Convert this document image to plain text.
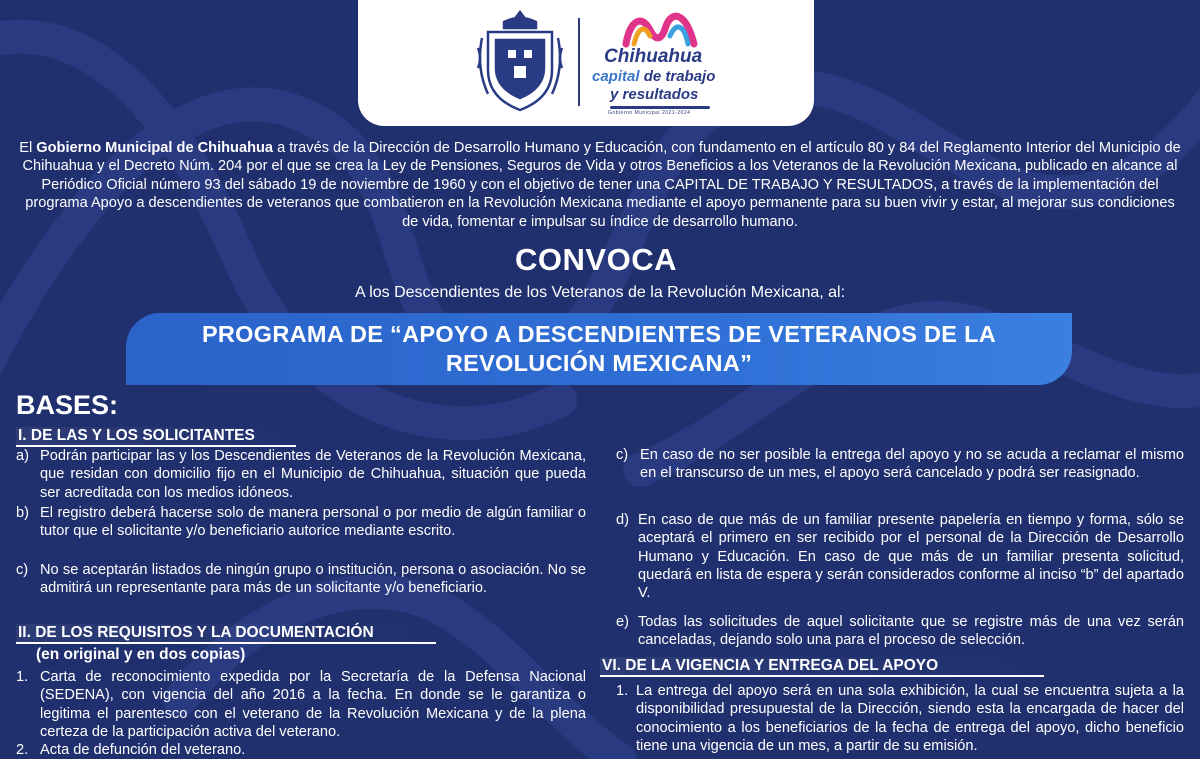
Chihuahua
capital de trabajo
y resultados
Gobierno Municipal 2021-2024

El Gobierno Municipal de Chihuahua a través de la Dirección de Desarrollo Humano y Educación, con fundamento en el artículo 80 y 84 del Reglamento Interior del Municipio de Chihuahua y el Decreto Núm. 204 por el que se crea la Ley de Pensiones, Seguros de Vida y otros Beneficios a los Veteranos de la Revolución Mexicana, publicado en alcance al Periódico Oficial número 93 del sábado 19 de noviembre de 1960 y con el objetivo de tener una CAPITAL DE TRABAJO Y RESULTADOS, a través de la implementación del programa Apoyo a descendientes de veteranos que combatieron en la Revolución Mexicana mediante el apoyo permanente para su buen vivir y estar, al mejorar sus condiciones de vida, fomentar e impulsar su índice de desarrollo humano.

CONVOCA
A los Descendientes de los Veteranos de la Revolución Mexicana, al:
PROGRAMA DE “APOYO A DESCENDIENTES DE VETERANOS DE LA
REVOLUCIÓN MEXICANA”
BASES:
I. DE LAS Y LOS SOLICITANTES
a) Podrán participar las y los Descendientes de Veteranos de la Revolución Mexicana, que residan con domicilio fijo en el Municipio de Chihuahua, situación que pueda ser acreditada con los medios idóneos.
b) El registro deberá hacerse solo de manera personal o por medio de algún familiar o tutor que el solicitante y/o beneficiario autorice mediante escrito.
c) No se aceptarán listados de ningún grupo o institución, persona o asociación. No se admitirá un representante para más de un solicitante y/o beneficiario.
II. DE LOS REQUISITOS Y LA DOCUMENTACIÓN
(en original y en dos copias)
1. Carta de reconocimiento expedida por la Secretaría de la Defensa Nacional (SEDENA), con vigencia del año 2016 a la fecha. En donde se le garantiza o legitima el parentesco con el veterano de la Revolución Mexicana y de la plena certeza de la participación activa del veterano.
2. Acta de defunción del veterano.
c) En caso de no ser posible la entrega del apoyo y no se acuda a reclamar el mismo en el transcurso de un mes, el apoyo será cancelado y podrá ser reasignado.
d) En caso de que más de un familiar presente papelería en tiempo y forma, sólo se aceptará el primero en ser recibido por el personal de la Dirección de Desarrollo Humano y Educación. En caso de que más de un familiar presenta solicitud, quedará en lista de espera y serán considerados conforme al inciso “b” del apartado V.
e) Todas las solicitudes de aquel solicitante que se registre más de una vez serán canceladas, dejando solo una para el proceso de selección.
VI. DE LA VIGENCIA Y ENTREGA DEL APOYO
1. La entrega del apoyo será en una sola exhibición, la cual se encuentra sujeta a la disponibilidad presupuestal de la Dirección, siendo esta la encargada de hacer del conocimiento a los beneficiarios de la fecha de entrega del apoyo, dicho beneficio tiene una vigencia de un mes, a partir de su emisión.
